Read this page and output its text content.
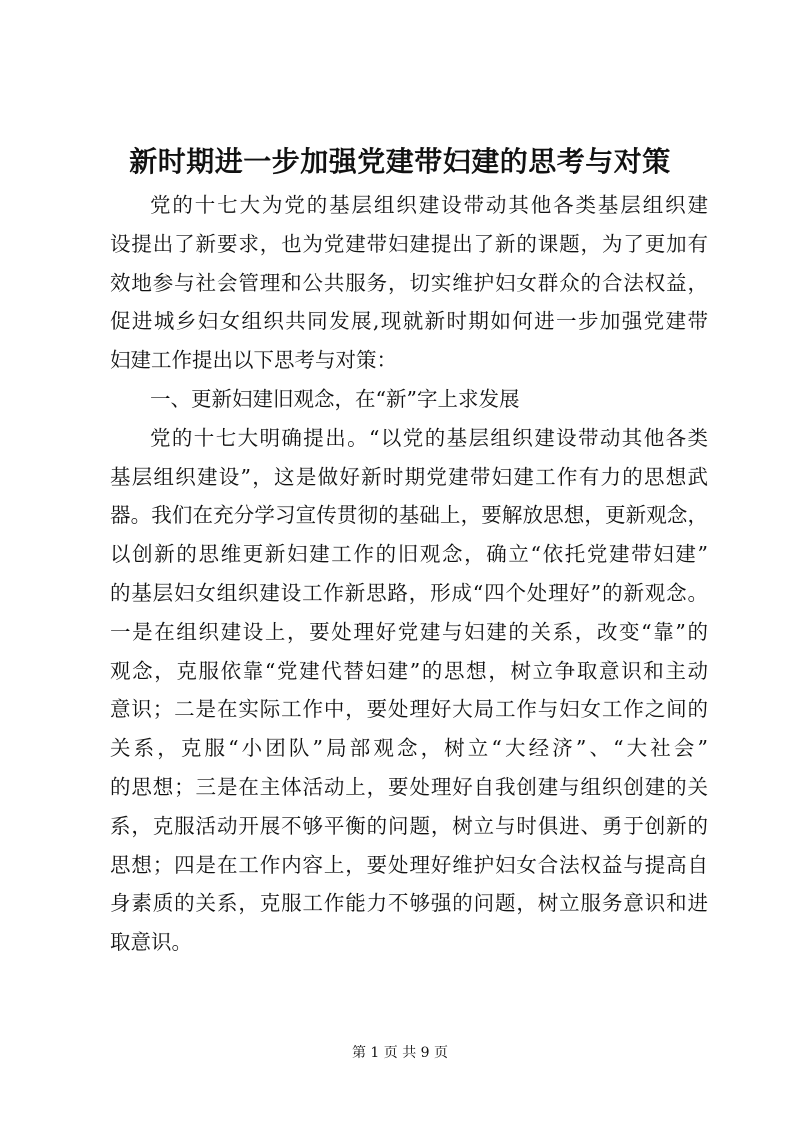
新时期进一步加强党建带妇建的思考与对策
党的十七大为党的基层组织建设带动其他各类基层组织建
设提出了新要求，也为党建带妇建提出了新的课题，为了更加有
效地参与社会管理和公共服务，切实维护妇女群众的合法权益，
促进城乡妇女组织共同发展,现就新时期如何进一步加强党建带
妇建工作提出以下思考与对策：
一、更新妇建旧观念，在“新”字上求发展
党的十七大明确提出。“以党的基层组织建设带动其他各类
基层组织建设”，这是做好新时期党建带妇建工作有力的思想武
器。我们在充分学习宣传贯彻的基础上，要解放思想，更新观念，
以创新的思维更新妇建工作的旧观念，确立“依托党建带妇建”
的基层妇女组织建设工作新思路，形成“四个处理好”的新观念。
一是在组织建设上，要处理好党建与妇建的关系，改变“靠”的
观念，克服依靠“党建代替妇建”的思想，树立争取意识和主动
意识；二是在实际工作中，要处理好大局工作与妇女工作之间的
关系，克服“小团队”局部观念，树立“大经济”、“大社会”
的思想；三是在主体活动上，要处理好自我创建与组织创建的关
系，克服活动开展不够平衡的问题，树立与时俱进、勇于创新的
思想；四是在工作内容上，要处理好维护妇女合法权益与提高自
身素质的关系，克服工作能力不够强的问题，树立服务意识和进
取意识。
第 1 页 共 9 页
